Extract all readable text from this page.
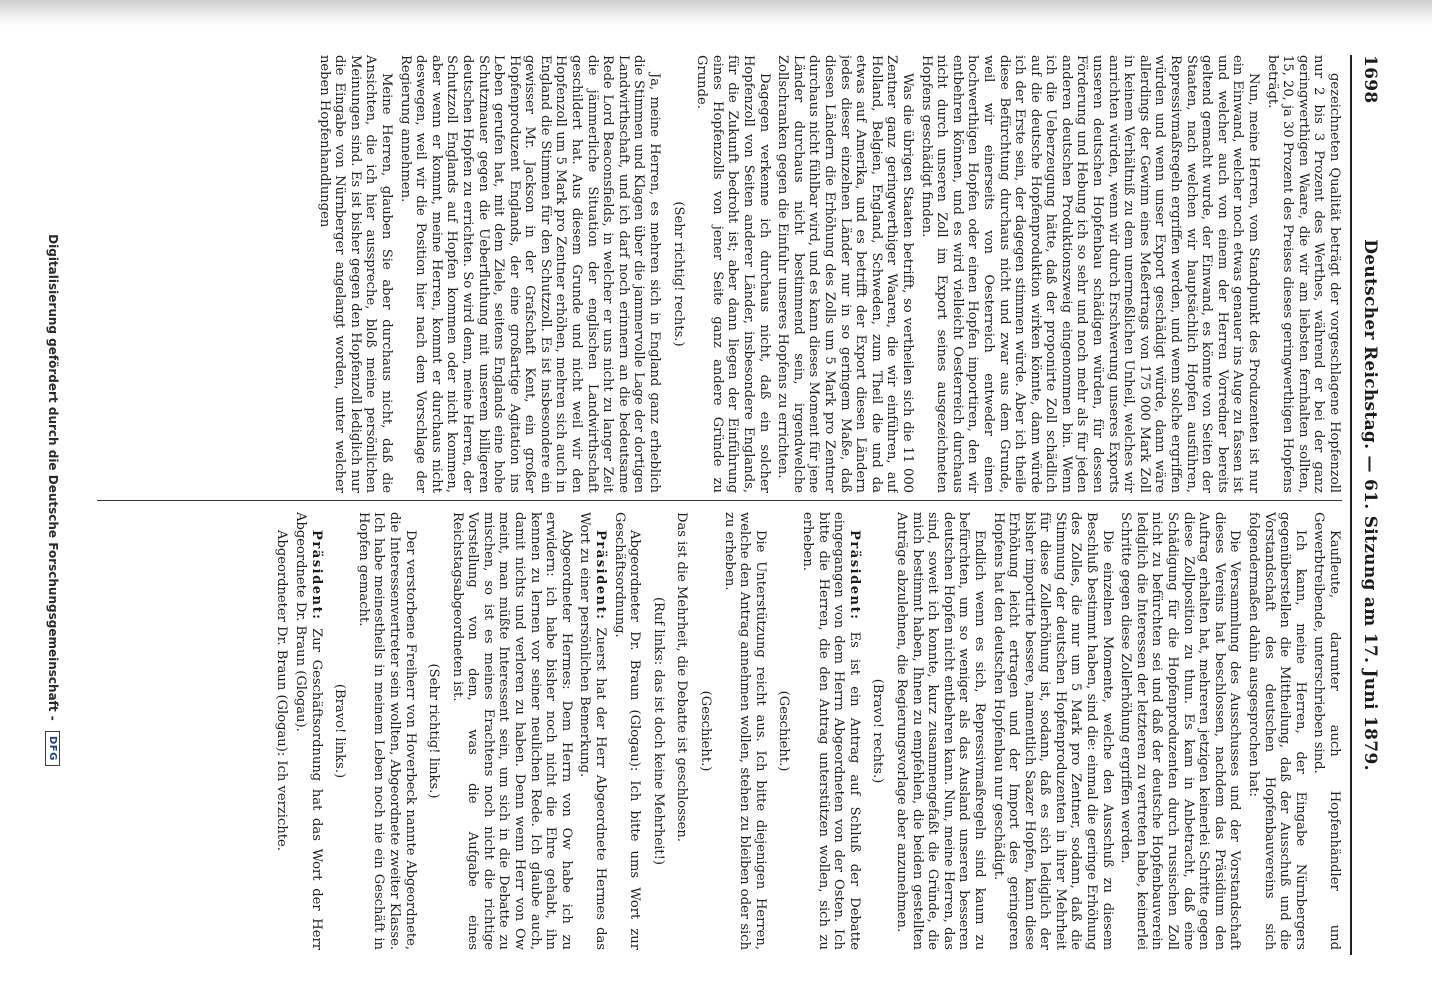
1698
Deutscher Reichstag. — 61. Sitzung am 17. Juni 1879.

gezeichneten Qualität beträgt der vorgeschlagene Hopfenzoll nur 2 bis 3 Prozent des Werthes, während er bei der ganz geringwerthigen Waare, die wir am liebsten fernhalten sollten, 15, 20, ja 30 Prozent des Preises dieses geringwerthigen Hopfens beträgt.

Nun, meine Herren, vom Standpunkt des Produzenten ist nur ein Einwand, welcher noch etwas genauer ins Auge zu fassen ist und welcher auch von einem der Herren Vorredner bereits geltend gemacht wurde, der Einwand, es könnte von Seiten der Staaten, nach welchen wir hauptsächlich Hopfen ausführen, Repressivmaßregeln ergriffen werden, und wenn solche ergriffen würden und wenn unser Export geschädigt würde, dann wäre allerdings der Gewinn eines Meßertrags von 175 000 Mark Zoll in keinem Verhältniß zu dem unermeßlichen Unheil, welches wir anrichten würden, wenn wir durch Erschwerung unseres Exports unseren deutschen Hopfenbau schädigen würden, für dessen Förderung und Hebung ich so sehr und noch mehr als für jeden anderen deutschen Produktionszweig eingenommen bin. Wenn ich die Ueberzeugung hätte, daß der proponirte Zoll schädlich auf die deutsche Hopfenproduktion wirken könnte, dann würde ich der Erste sein, der dagegen stimmen würde. Aber ich theile diese Befürchtung durchaus nicht und zwar aus dem Grunde, weil wir einerseits von Oesterreich entweder einen hochwerthigen Hopfen oder einen Hopfen importiren, den wir entbehren können, und es wird vielleicht Oesterreich durchaus nicht durch unseren Zoll im Export seines ausgezeichneten Hopfens geschädigt finden.

Was die übrigen Staaten betrifft, so vertheilen sich die 11 000 Zentner ganz geringwerthiger Waaren, die wir einführen, auf Holland, Belgien, England, Schweden, zum Theil die und da etwas auf Amerika, und es betrifft der Export diesen Ländern jedes dieser einzelnen Länder nur in so geringem Maße, daß diesen Ländern die Erhöhung des Zolls um 5 Mark pro Zentner durchaus nicht fühlbar wird, und es kann dieses Moment für jene Länder durchaus nicht bestimmend sein, irgendwelche Zollschranken gegen die Einfuhr unseres Hopfens zu errichten.

Dagegen verkenne ich durchaus nicht, daß ein solcher Hopfenzoll von Seiten anderer Länder, insbesondere Englands, für die Zukunft bedroht ist; aber dann liegen der Einführung eines Hopfenzolls von jener Seite ganz andere Gründe zu Grunde.

(Sehr richtig! rechts.)

Ja, meine Herren, es mehren sich in England ganz erheblich die Stimmen und Klagen über die jammervolle Lage der dortigen Landwirthschaft, und ich darf noch erinnern an die bedeutsame Rede Lord Beaconsfields, in welcher er uns nicht zu langer Zeit die jämmerliche Situation der englischen Landwirthschaft geschildert hat. Aus diesem Grunde und nicht weil wir den Hopfenzoll um 5 Mark pro Zentner erhöhen, mehren sich auch in England die Stimmen für den Schutzzoll. Es ist insbesondere ein gewisser Mr. Jackson in der Grafschaft Kent, ein großer Hopfenproduzent Englands, der eine großartige Agitation ins Leben gerufen hat, mit dem Ziele, seitens Englands eine hohe Schutzmauer gegen die Ueberfluthung mit unserem billigeren deutschen Hopfen zu errichten. So wird denn, meine Herren, der Schutzzoll Englands auf Hopfen kommen oder nicht kommen, aber wenn er kommt, meine Herren, kommt er durchaus nicht deswegen, weil wir die Position hier nach dem Vorschlage der Regierung annehmen.

Meine Herren, glauben Sie aber durchaus nicht, daß die Ansichten, die ich hier ausspreche, bloß meine persönlichen Meinungen sind. Es ist bisher gegen den Hopfenzoll lediglich nur die Eingabe von Nürnberger angelangt worden, unter welcher neben Hopfenhandlungen

Kaufleute, darunter auch Hopfenhändler und Gewerbtreibende, unterschrieben sind.

Ich kann, meine Herren, der Eingabe Nürnbergers gegenüberstellen die Mittheilung, daß der Ausschuß und die Vorstandschaft des deutschen Hopfenbauvereins sich folgendermaßen dahin ausgesprochen hat:

Die Versammlung des Ausschusses und der Vorstandschaft dieses Vereins hat beschlossen, nachdem das Präsidium den Auftrag erhalten hat, mehreren jetzigen keinerlei Schritte gegen diese Zollposition zu thun. Es kam in Anbetracht, daß eine Schädigung für die Hopfenproduzenten durch russischen Zoll nicht zu befürchten sei und daß der deutsche Hopfenbauverein lediglich die Interessen der letzteren zu vertreten habe, keinerlei Schritte gegen diese Zollerhöhung ergriffen werden.

Die einzelnen Momente, welche den Ausschuß zu diesem Beschluß bestimmt haben, sind die: einmal die geringe Erhöhung des Zolles, die nur um 5 Mark pro Zentner, sodann, daß die Stimmung der deutschen Hopfenproduzenten in ihrer Mehrheit für diese Zollerhöhung ist, sodann, daß es sich lediglich der bisher importirte bessere, namentlich Saazer Hopfen, kann diese Erhöhung leicht ertragen und der Import des geringeren Hopfens hat den deutschen Hopfenbau nur geschädigt.

Endlich wenn es sich, Repressivmaßregeln sind kaum zu befürchten, um so weniger als das Ausland unseren besseren deutschen Hopfen nicht entbehren kann. Nun, meine Herren, das sind, soweit ich konnte, kurz zusammengefaßt die Gründe, die mich bestimmt haben, Ihnen zu empfehlen, die beiden gestellten Anträge abzulehnen, die Regierungsvorlage aber anzunehmen.

(Bravo! rechts.)

Präsident: Es ist ein Antrag auf Schluß der Debatte eingegangen von dem Herrn Abgeordneten von der Osten. Ich bitte die Herren, die den Antrag unterstützen wollen, sich zu erheben.

(Geschieht.)

Die Unterstützung reicht aus. Ich bitte diejenigen Herren, welche den Antrag annehmen wollen, stehen zu bleiben oder sich zu erheben.

(Geschieht.)

Das ist die Mehrheit, die Debatte ist geschlossen.

(Ruf links: das ist doch keine Mehrheit!)

Abgeordneter Dr. Braun (Glogau): Ich bitte ums Wort zur Geschäftsordnung.

Präsident: Zuerst hat der Herr Abgeordnete Hermes das Wort zu einer persönlichen Bemerkung.

Abgeordneter Hermes: Dem Herrn von Ow habe ich zu erwidern: ich habe bisher noch nicht die Ehre gehabt, ihn kennen zu lernen vor seiner neulichen Rede. Ich glaube auch, damit nichts und verloren zu haben. Denn wenn Herr von Ow meint, man müßte Interessent sein, um sich in die Debatte zu mischen, so ist es meines Erachtens noch nicht die richtige Vorstellung von dem, was die Aufgabe eines Reichstagsabgeordneten ist.

(Sehr richtig! links.)

Der verstorbene Freiherr von Hoverbeck nannte Abgeordnete, die Interessenvertreter sein wollten, Abgeordnete zweiter Klasse. Ich habe meinestheils in meinem Leben noch nie ein Geschäft in Hopfen gemacht.

(Bravo! links.)

Präsident: Zur Geschäftsordnung hat das Wort der Herr Abgeordnete Dr. Braun (Glogau).

Abgeordneter Dr. Braun (Glogau): Ich verzichte.

Digitalisierung gefördert durch die Deutsche Forschungsgemeinschaft - DFG
